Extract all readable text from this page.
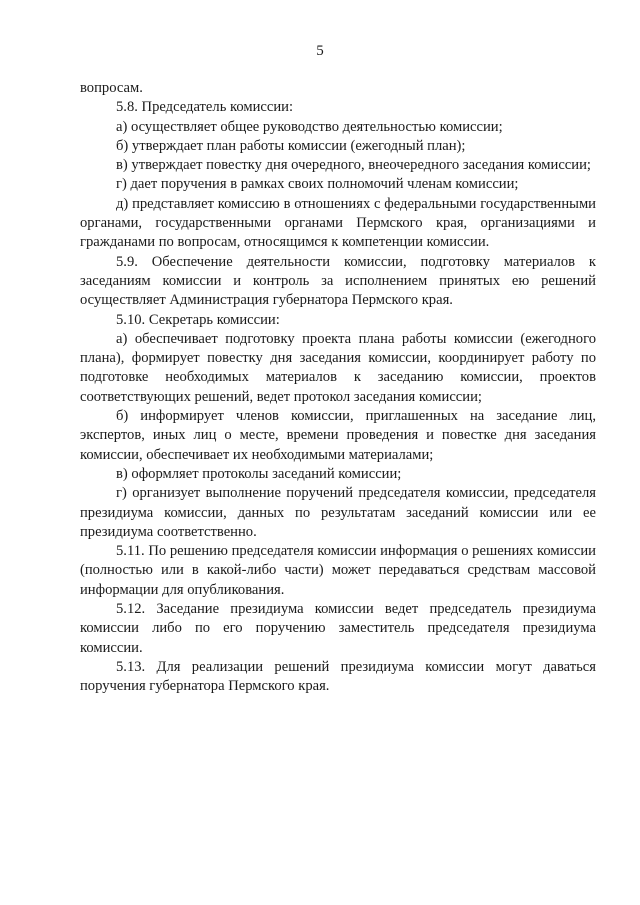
5

вопросам.

5.8. Председатель комиссии:

а) осуществляет общее руководство деятельностью комиссии;

б) утверждает план работы комиссии (ежегодный план);

в) утверждает повестку дня очередного, внеочередного заседания комиссии;

г) дает поручения в рамках своих полномочий членам комиссии;

д) представляет комиссию в отношениях с федеральными государственными органами, государственными органами Пермского края, организациями и гражданами по вопросам, относящимся к компетенции комиссии.

5.9. Обеспечение деятельности комиссии, подготовку материалов к заседаниям комиссии и контроль за исполнением принятых ею решений осуществляет Администрация губернатора Пермского края.

5.10. Секретарь комиссии:

а) обеспечивает подготовку проекта плана работы комиссии (ежегодного плана), формирует повестку дня заседания комиссии, координирует работу по подготовке необходимых материалов к заседанию комиссии, проектов соответствующих решений, ведет протокол заседания комиссии;

б) информирует членов комиссии, приглашенных на заседание лиц, экспертов, иных лиц о месте, времени проведения и повестке дня заседания комиссии, обеспечивает их необходимыми материалами;

в) оформляет протоколы заседаний комиссии;

г) организует выполнение поручений председателя комиссии, председателя президиума комиссии, данных по результатам заседаний комиссии или ее президиума соответственно.

5.11. По решению председателя комиссии информация о решениях комиссии (полностью или в какой-либо части) может передаваться средствам массовой информации для опубликования.

5.12. Заседание президиума комиссии ведет председатель президиума комиссии либо по его поручению заместитель председателя президиума комиссии.

5.13. Для реализации решений президиума комиссии могут даваться поручения губернатора Пермского края.
